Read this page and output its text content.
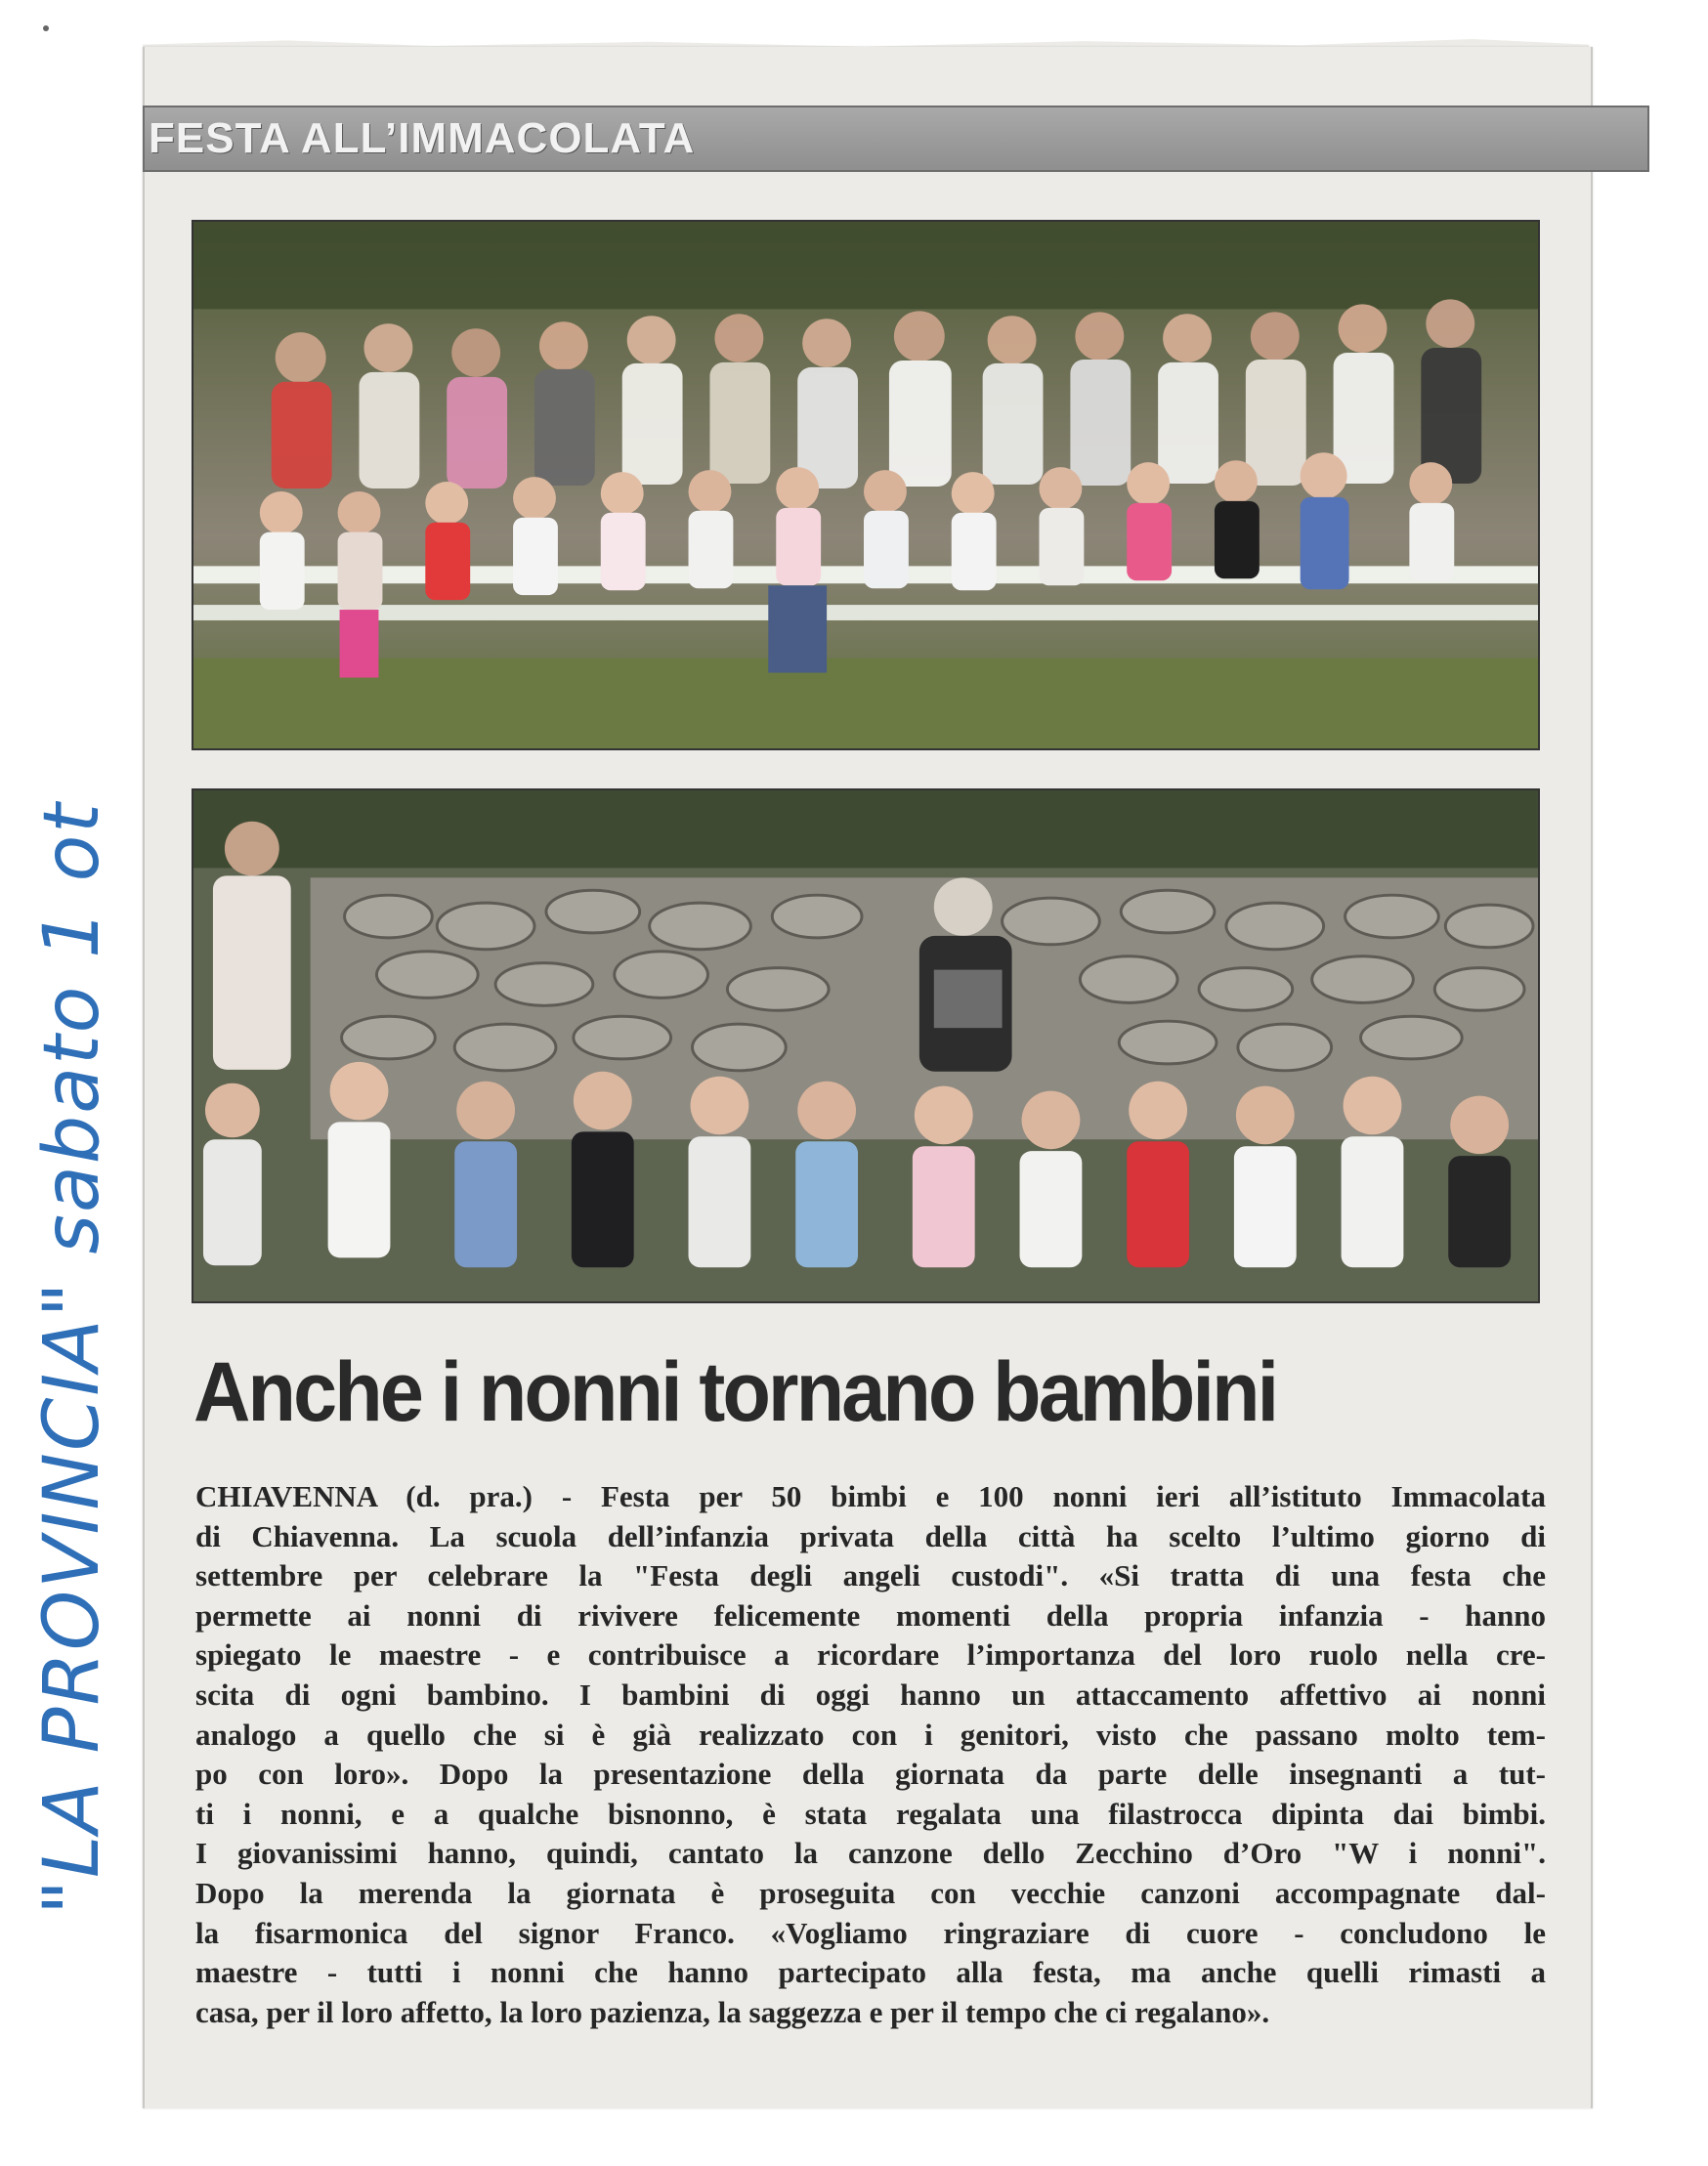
FESTA ALL’IMMACOLATA
Anche i nonni tornano bambini
CHIAVENNA (d. pra.) - Festa per 50 bimbi e 100 nonni ieri all’istituto Immacolata
di Chiavenna. La scuola dell’infanzia privata della città ha scelto l’ultimo giorno di
settembre per celebrare la "Festa degli angeli custodi". «Si tratta di una festa che
permette ai nonni di rivivere felicemente momenti della propria infanzia - hanno
spiegato le maestre - e contribuisce a ricordare l’importanza del loro ruolo nella cre-
scita di ogni bambino. I bambini di oggi hanno un attaccamento affettivo ai nonni
analogo a quello che si è già realizzato con i genitori, visto che passano molto tem-
po con loro». Dopo la presentazione della giornata da parte delle insegnanti a tut-
ti i nonni, e a qualche bisnonno, è stata regalata una filastrocca dipinta dai bimbi.
I giovanissimi hanno, quindi, cantato la canzone dello Zecchino d’Oro "W i nonni".
Dopo la merenda la giornata è proseguita con vecchie canzoni accompagnate dal-
la fisarmonica del signor Franco. «Vogliamo ringraziare di cuore - concludono le
maestre - tutti i nonni che hanno partecipato alla festa, ma anche quelli rimasti a
casa, per il loro affetto, la loro pazienza, la saggezza e per il tempo che ci regalano».
"LA PROVINCIA" sabato 1 ottobre 2011
